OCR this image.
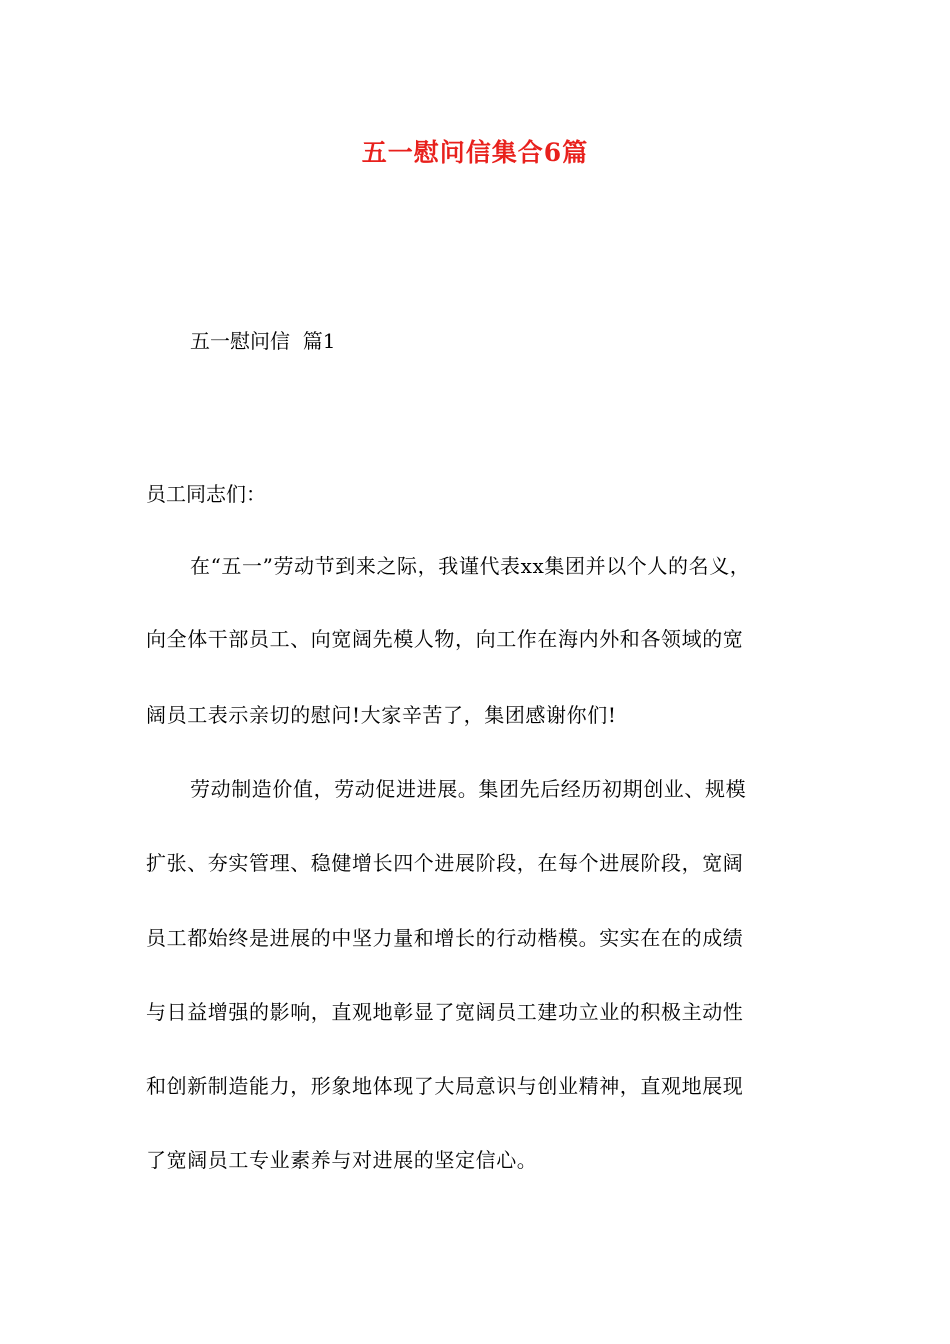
五一慰问信集合6篇
五一慰问信  篇1
员工同志们：
在“五一”劳动节到来之际，我谨代表xx集团并以个人的名义，
向全体干部员工、向宽阔先模人物，向工作在海内外和各领域的宽
阔员工表示亲切的慰问!大家辛苦了，集团感谢你们!
劳动制造价值，劳动促进进展。集团先后经历初期创业、规模
扩张、夯实管理、稳健增长四个进展阶段，在每个进展阶段，宽阔
员工都始终是进展的中坚力量和增长的行动楷模。实实在在的成绩
与日益增强的影响，直观地彰显了宽阔员工建功立业的积极主动性
和创新制造能力，形象地体现了大局意识与创业精神，直观地展现
了宽阔员工专业素养与对进展的坚定信心。
